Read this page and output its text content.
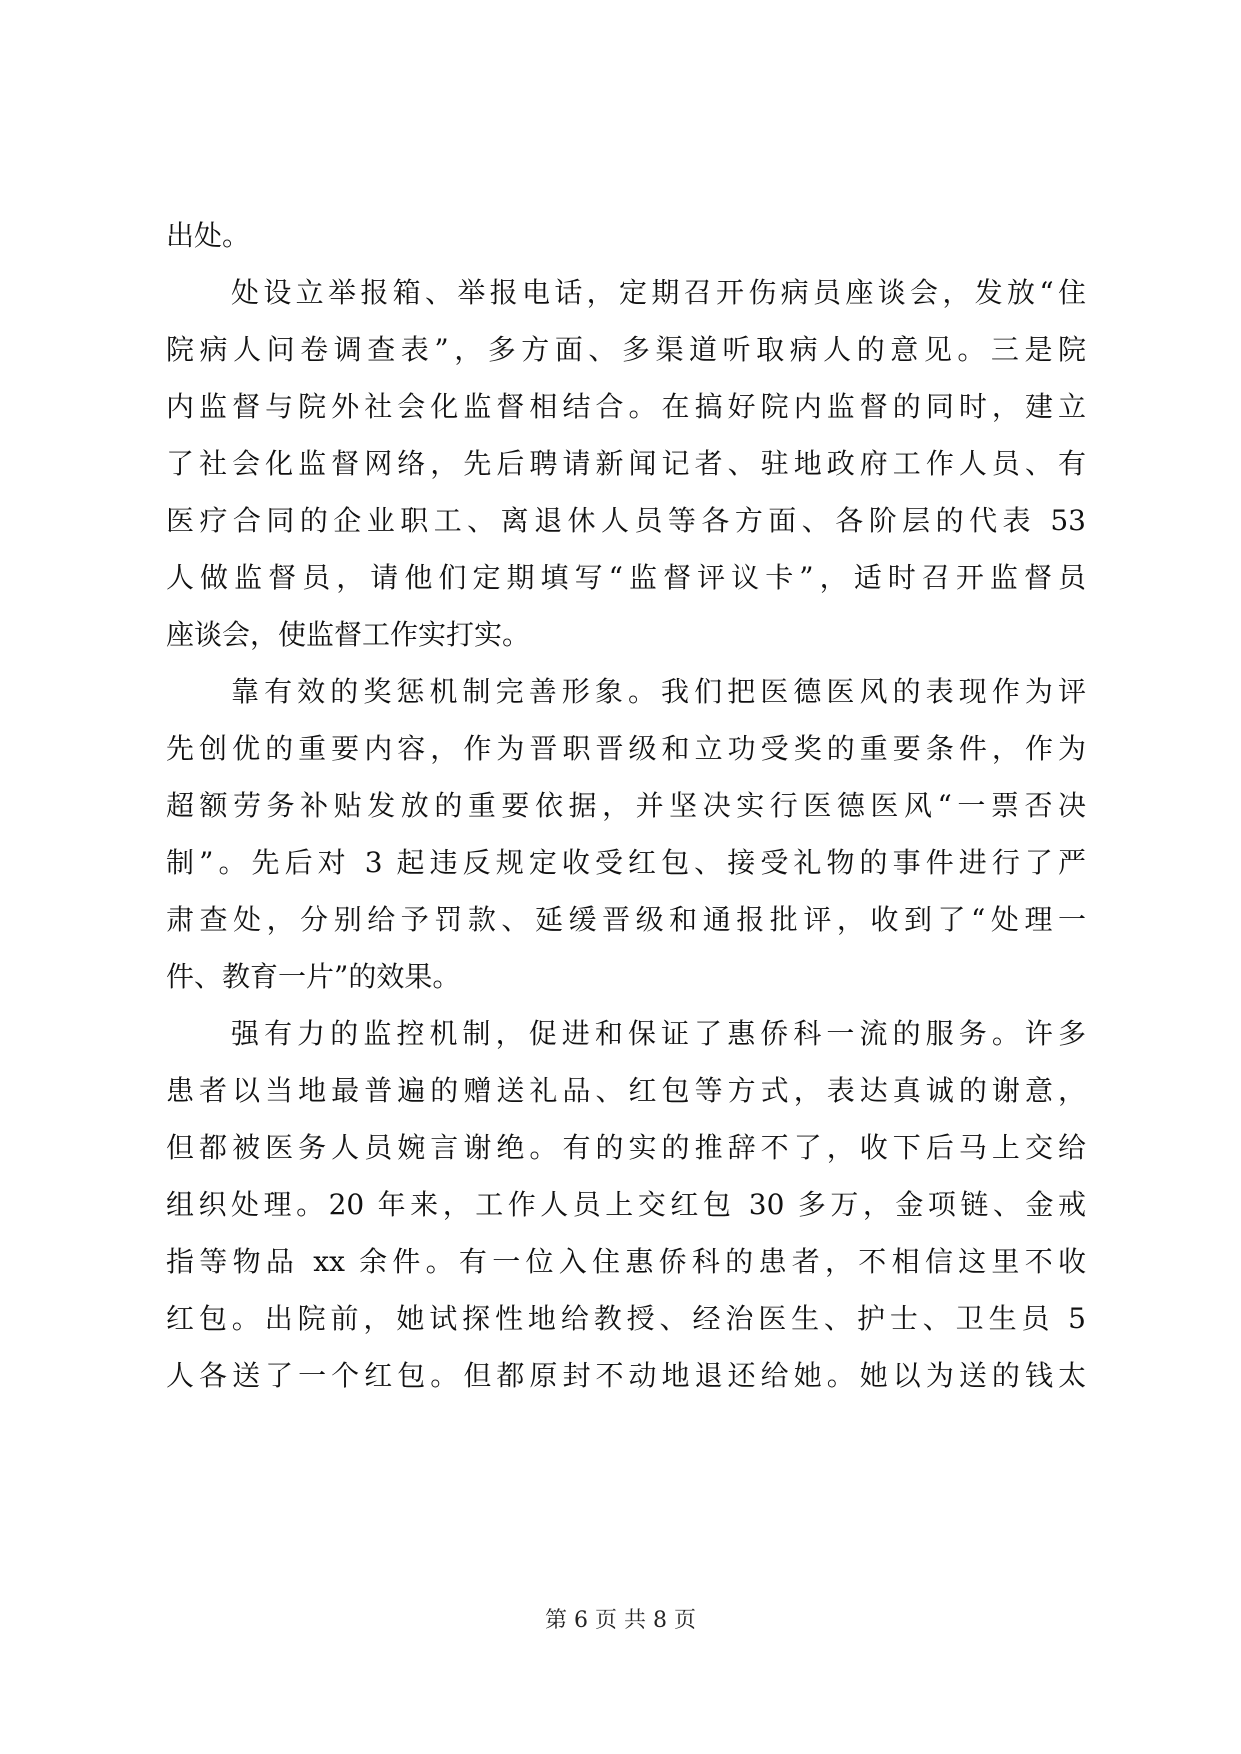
出处。
处设立举报箱、举报电话，定期召开伤病员座谈会，发放“住
院病人问卷调查表”，多方面、多渠道听取病人的意见。三是院
内监督与院外社会化监督相结合。在搞好院内监督的同时，建立
了社会化监督网络，先后聘请新闻记者、驻地政府工作人员、有
医疗合同的企业职工、离退休人员等各方面、各阶层的代表 53
人做监督员，请他们定期填写“监督评议卡”，适时召开监督员
座谈会，使监督工作实打实。
靠有效的奖惩机制完善形象。我们把医德医风的表现作为评
先创优的重要内容，作为晋职晋级和立功受奖的重要条件，作为
超额劳务补贴发放的重要依据，并坚决实行医德医风“一票否决
制”。先后对 3 起违反规定收受红包、接受礼物的事件进行了严
肃查处，分别给予罚款、延缓晋级和通报批评，收到了“处理一
件、教育一片”的效果。
强有力的监控机制，促进和保证了惠侨科一流的服务。许多
患者以当地最普遍的赠送礼品、红包等方式，表达真诚的谢意，
但都被医务人员婉言谢绝。有的实的推辞不了，收下后马上交给
组织处理。20 年来，工作人员上交红包 30 多万，金项链、金戒
指等物品 xx 余件。有一位入住惠侨科的患者，不相信这里不收
红包。出院前，她试探性地给教授、经治医生、护士、卫生员 5
人各送了一个红包。但都原封不动地退还给她。她以为送的钱太
第 6 页 共 8 页
